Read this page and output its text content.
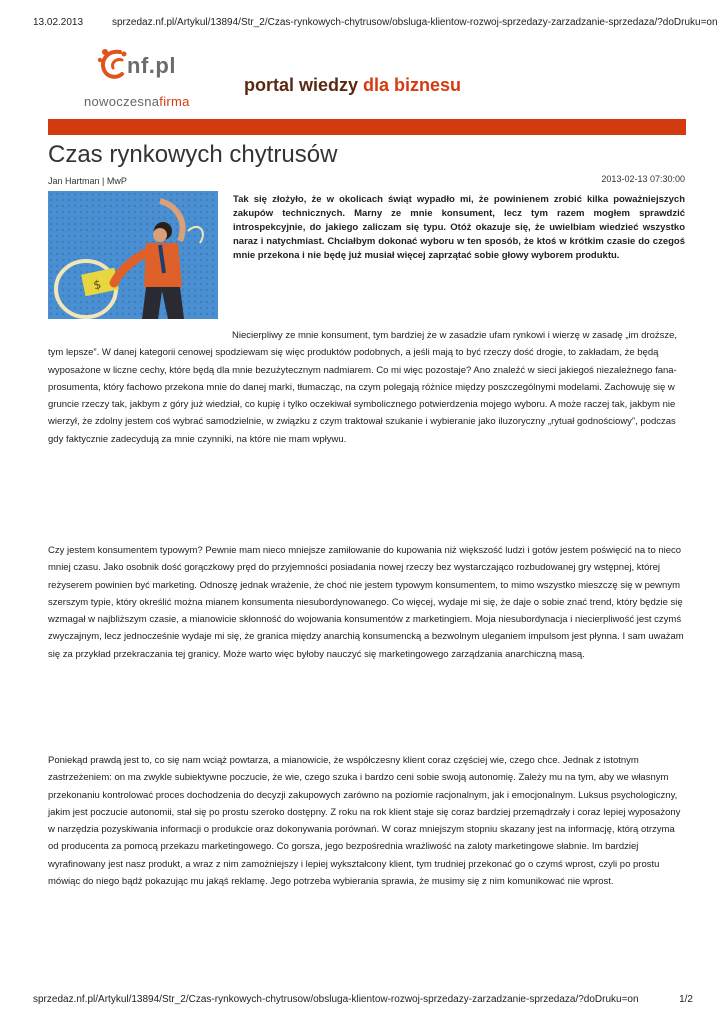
13.02.2013	sprzedaz.nf.pl/Artykul/13894/Str_2/Czas-rynkowych-chytrusow/obsluga-klientow-rozwoj-sprzedazy-zarzadzanie-sprzedaza/?doDruku=on
nf.pl
nowoczesnafirma
portal wiedzy dla biznesu
Czas rynkowych chytrusów
Jan Hartman | MwP	2013-02-13 07:30:00
$
Tak się złożyło, że w okolicach świąt wypadło mi, że powinienem zrobić kilka poważniejszych zakupów technicznych. Marny ze mnie konsument, lecz tym razem mogłem sprawdzić introspekcyjnie, do jakiego zaliczam się typu. Otóż okazuje się, że uwielbiam wiedzieć wszystko naraz i natychmiast. Chciałbym dokonać wyboru w ten sposób, że ktoś w krótkim czasie do czegoś mnie przekona i nie będę już musiał więcej zaprzątać sobie głowy wyborem produktu.
Niecierpliwy ze mnie konsument, tym bardziej że w zasadzie ufam rynkowi i wierzę w zasadę „im droższe, tym lepsze”. W danej kategorii cenowej spodziewam się więc produktów podobnych, a jeśli mają to być rzeczy dość drogie, to zakładam, że będą wyposażone w liczne cechy, które będą dla mnie bezużytecznym nadmiarem. Co mi więc pozostaje? Ano znaleźć w sieci jakiegoś niezależnego fana-prosumenta, który fachowo przekona mnie do danej marki, tłumacząc, na czym polegają różnice między poszczególnymi modelami. Zachowuję się w gruncie rzeczy tak, jakbym z góry już wiedział, co kupię i tylko oczekiwał symbolicznego potwierdzenia mojego wyboru. A może raczej tak, jakbym nie wierzył, że zdolny jestem coś wybrać samodzielnie, w związku z czym traktował szukanie i wybieranie jako iluzoryczny „rytuał godnościowy”, podczas gdy faktycznie zadecydują za mnie czynniki, na które nie mam wpływu.
Czy jestem konsumentem typowym? Pewnie mam nieco mniejsze zamiłowanie do kupowania niż większość ludzi i gotów jestem poświęcić na to nieco mniej czasu. Jako osobnik dość gorączkowy pręd do przyjemności posiadania nowej rzeczy bez wystarczająco rozbudowanej gry wstępnej, której reżyserem powinien być marketing. Odnoszę jednak wrażenie, że choć nie jestem typowym konsumentem, to mimo wszystko mieszczę się w pewnym szerszym typie, który określić można mianem konsumenta niesubordynowanego. Co więcej, wydaje mi się, że daje o sobie znać trend, który będzie się wzmagał w najbliższym czasie, a mianowicie skłonność do wojowania konsumentów z marketingiem. Moja niesubordynacja i niecierpliwość jest czymś zwyczajnym, lecz jednocześnie wydaje mi się, że granica między anarchią konsumencką a bezwolnym uleganiem impulsom jest płynna. I sam uważam się za przykład przekraczania tej granicy. Może warto więc byłoby nauczyć się marketingowego zarządzania anarchiczną masą.
Poniekąd prawdą jest to, co się nam wciąż powtarza, a mianowicie, że współczesny klient coraz częściej wie, czego chce. Jednak z istotnym zastrzeżeniem: on ma zwykle subiektywne poczucie, że wie, czego szuka i bardzo ceni sobie swoją autonomię. Zależy mu na tym, aby we własnym przekonaniu kontrolować proces dochodzenia do decyzji zakupowych zarówno na poziomie racjonalnym, jak i emocjonalnym. Luksus psychologiczny, jakim jest poczucie autonomii, stał się po prostu szeroko dostępny. Z roku na rok klient staje się coraz bardziej przemądrzały i coraz lepiej wyposażony w narzędzia pozyskiwania informacji o produkcie oraz dokonywania porównań. W coraz mniejszym stopniu skazany jest na informację, którą otrzyma od producenta za pomocą przekazu marketingowego. Co gorsza, jego bezpośrednia wrażliwość na zaloty marketingowe słabnie. Im bardziej wyrafinowany jest nasz produkt, a wraz z nim zamożniejszy i lepiej wykształcony klient, tym trudniej przekonać go o czymś wprost, czyli po prostu mówiąc do niego bądź pokazując mu jakąś reklamę. Jego potrzeba wybierania sprawia, że musimy się z nim komunikować nie wprost.
sprzedaz.nf.pl/Artykul/13894/Str_2/Czas-rynkowych-chytrusow/obsluga-klientow-rozwoj-sprzedazy-zarzadzanie-sprzedaza/?doDruku=on	1/2
